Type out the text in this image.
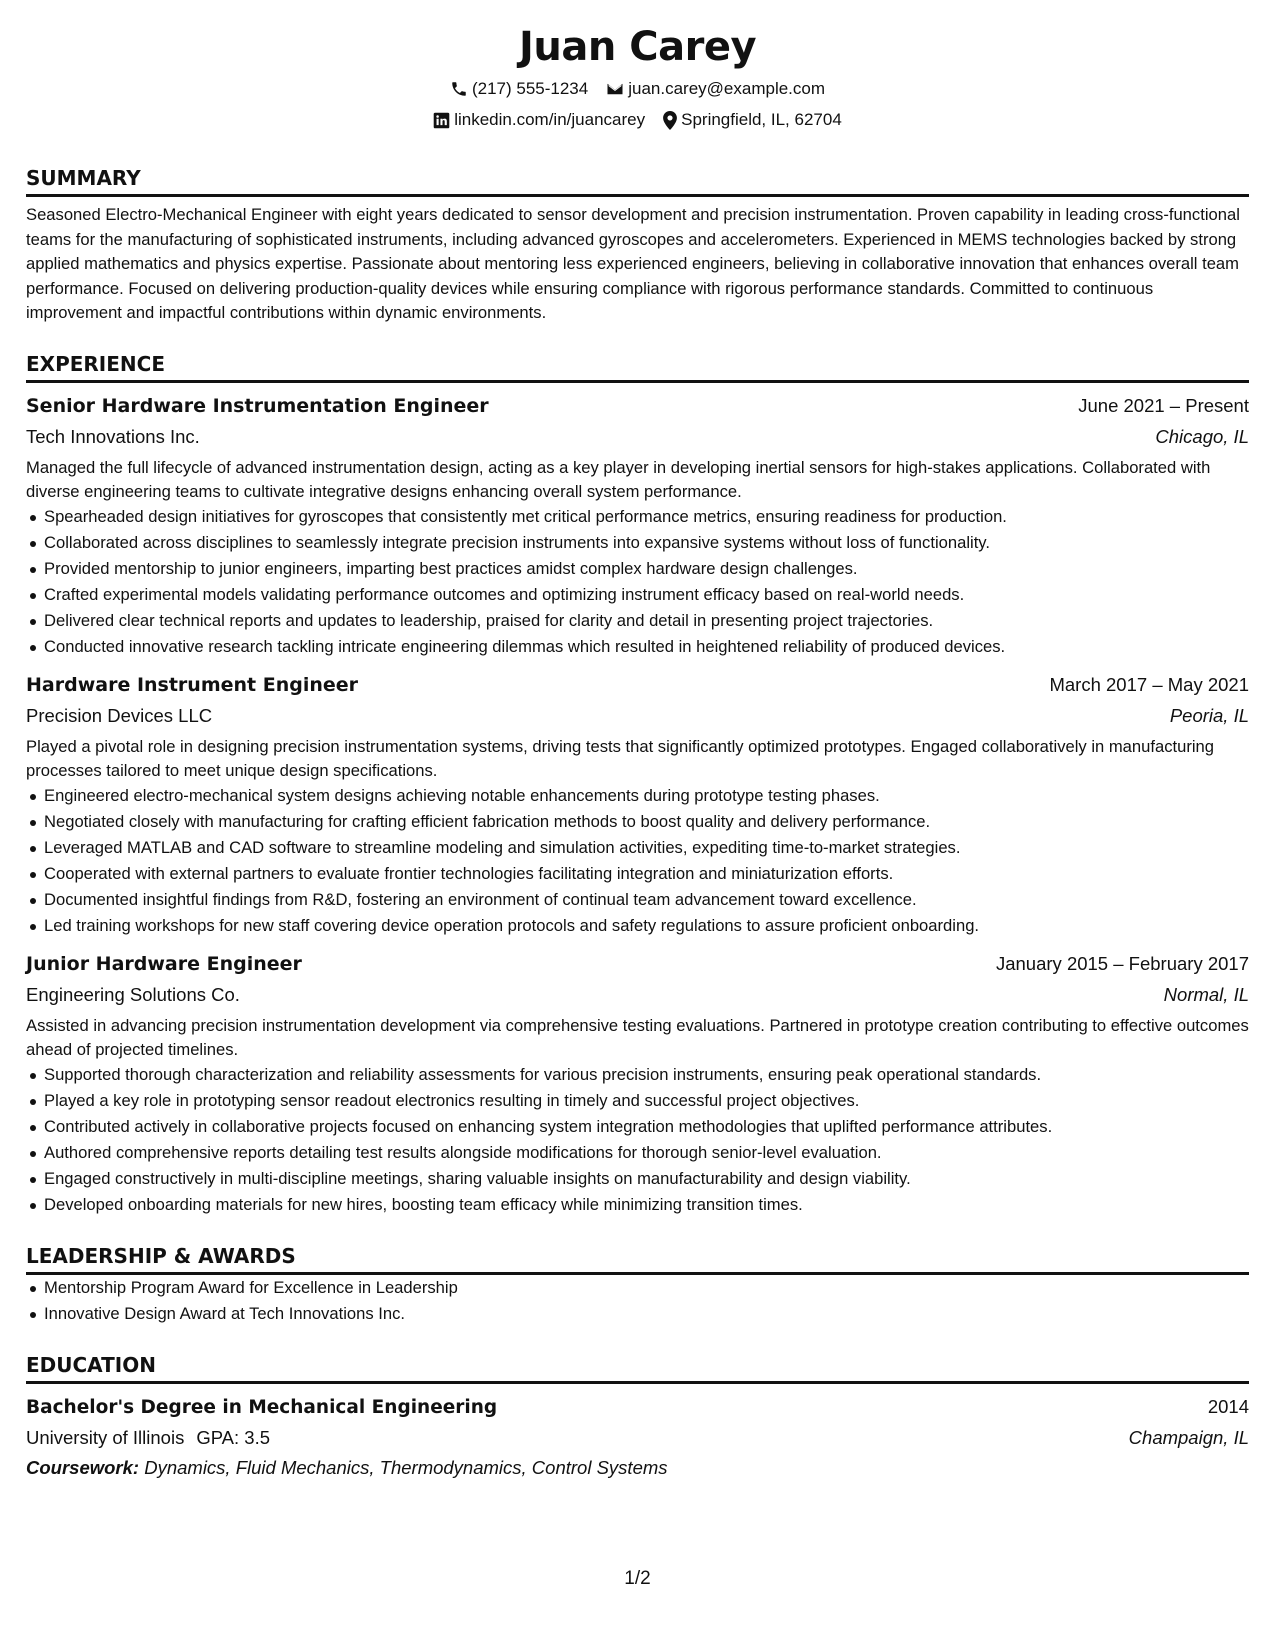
Juan Carey
(217) 555-1234 juan.carey@example.com
linkedin.com/in/juancarey Springfield, IL, 62704
SUMMARY

Seasoned Electro-Mechanical Engineer with eight years dedicated to sensor development and precision instrumentation. Proven capability in leading cross-functional teams for the manufacturing of sophisticated instruments, including advanced gyroscopes and accelerometers. Experienced in MEMS technologies backed by strong applied mathematics and physics expertise. Passionate about mentoring less experienced engineers, believing in collaborative innovation that enhances overall team performance. Focused on delivering production-quality devices while ensuring compliance with rigorous performance standards. Committed to continuous improvement and impactful contributions within dynamic environments.

EXPERIENCE
Senior Hardware Instrumentation Engineer	June 2021 – Present
Tech Innovations Inc.	Chicago, IL

Managed the full lifecycle of advanced instrumentation design, acting as a key player in developing inertial sensors for high-stakes applications. Collaborated with diverse engineering teams to cultivate integrative designs enhancing overall system performance.

Spearheaded design initiatives for gyroscopes that consistently met critical performance metrics, ensuring readiness for production.
Collaborated across disciplines to seamlessly integrate precision instruments into expansive systems without loss of functionality.
Provided mentorship to junior engineers, imparting best practices amidst complex hardware design challenges.
Crafted experimental models validating performance outcomes and optimizing instrument efficacy based on real-world needs.
Delivered clear technical reports and updates to leadership, praised for clarity and detail in presenting project trajectories.
Conducted innovative research tackling intricate engineering dilemmas which resulted in heightened reliability of produced devices.
Hardware Instrument Engineer	March 2017 – May 2021
Precision Devices LLC	Peoria, IL

Played a pivotal role in designing precision instrumentation systems, driving tests that significantly optimized prototypes. Engaged collaboratively in manufacturing processes tailored to meet unique design specifications.

Engineered electro-mechanical system designs achieving notable enhancements during prototype testing phases.
Negotiated closely with manufacturing for crafting efficient fabrication methods to boost quality and delivery performance.
Leveraged MATLAB and CAD software to streamline modeling and simulation activities, expediting time-to-market strategies.
Cooperated with external partners to evaluate frontier technologies facilitating integration and miniaturization efforts.
Documented insightful findings from R&D, fostering an environment of continual team advancement toward excellence.
Led training workshops for new staff covering device operation protocols and safety regulations to assure proficient onboarding.
Junior Hardware Engineer	January 2015 – February 2017
Engineering Solutions Co.	Normal, IL

Assisted in advancing precision instrumentation development via comprehensive testing evaluations. Partnered in prototype creation contributing to effective outcomes ahead of projected timelines.

Supported thorough characterization and reliability assessments for various precision instruments, ensuring peak operational standards.
Played a key role in prototyping sensor readout electronics resulting in timely and successful project objectives.
Contributed actively in collaborative projects focused on enhancing system integration methodologies that uplifted performance attributes.
Authored comprehensive reports detailing test results alongside modifications for thorough senior-level evaluation.
Engaged constructively in multi-discipline meetings, sharing valuable insights on manufacturability and design viability.
Developed onboarding materials for new hires, boosting team efficacy while minimizing transition times.
LEADERSHIP & AWARDS
Mentorship Program Award for Excellence in Leadership
Innovative Design Award at Tech Innovations Inc.
EDUCATION
Bachelor's Degree in Mechanical Engineering	2014
University of Illinois GPA: 3.5	Champaign, IL
Coursework: Dynamics, Fluid Mechanics, Thermodynamics, Control Systems
1/2
